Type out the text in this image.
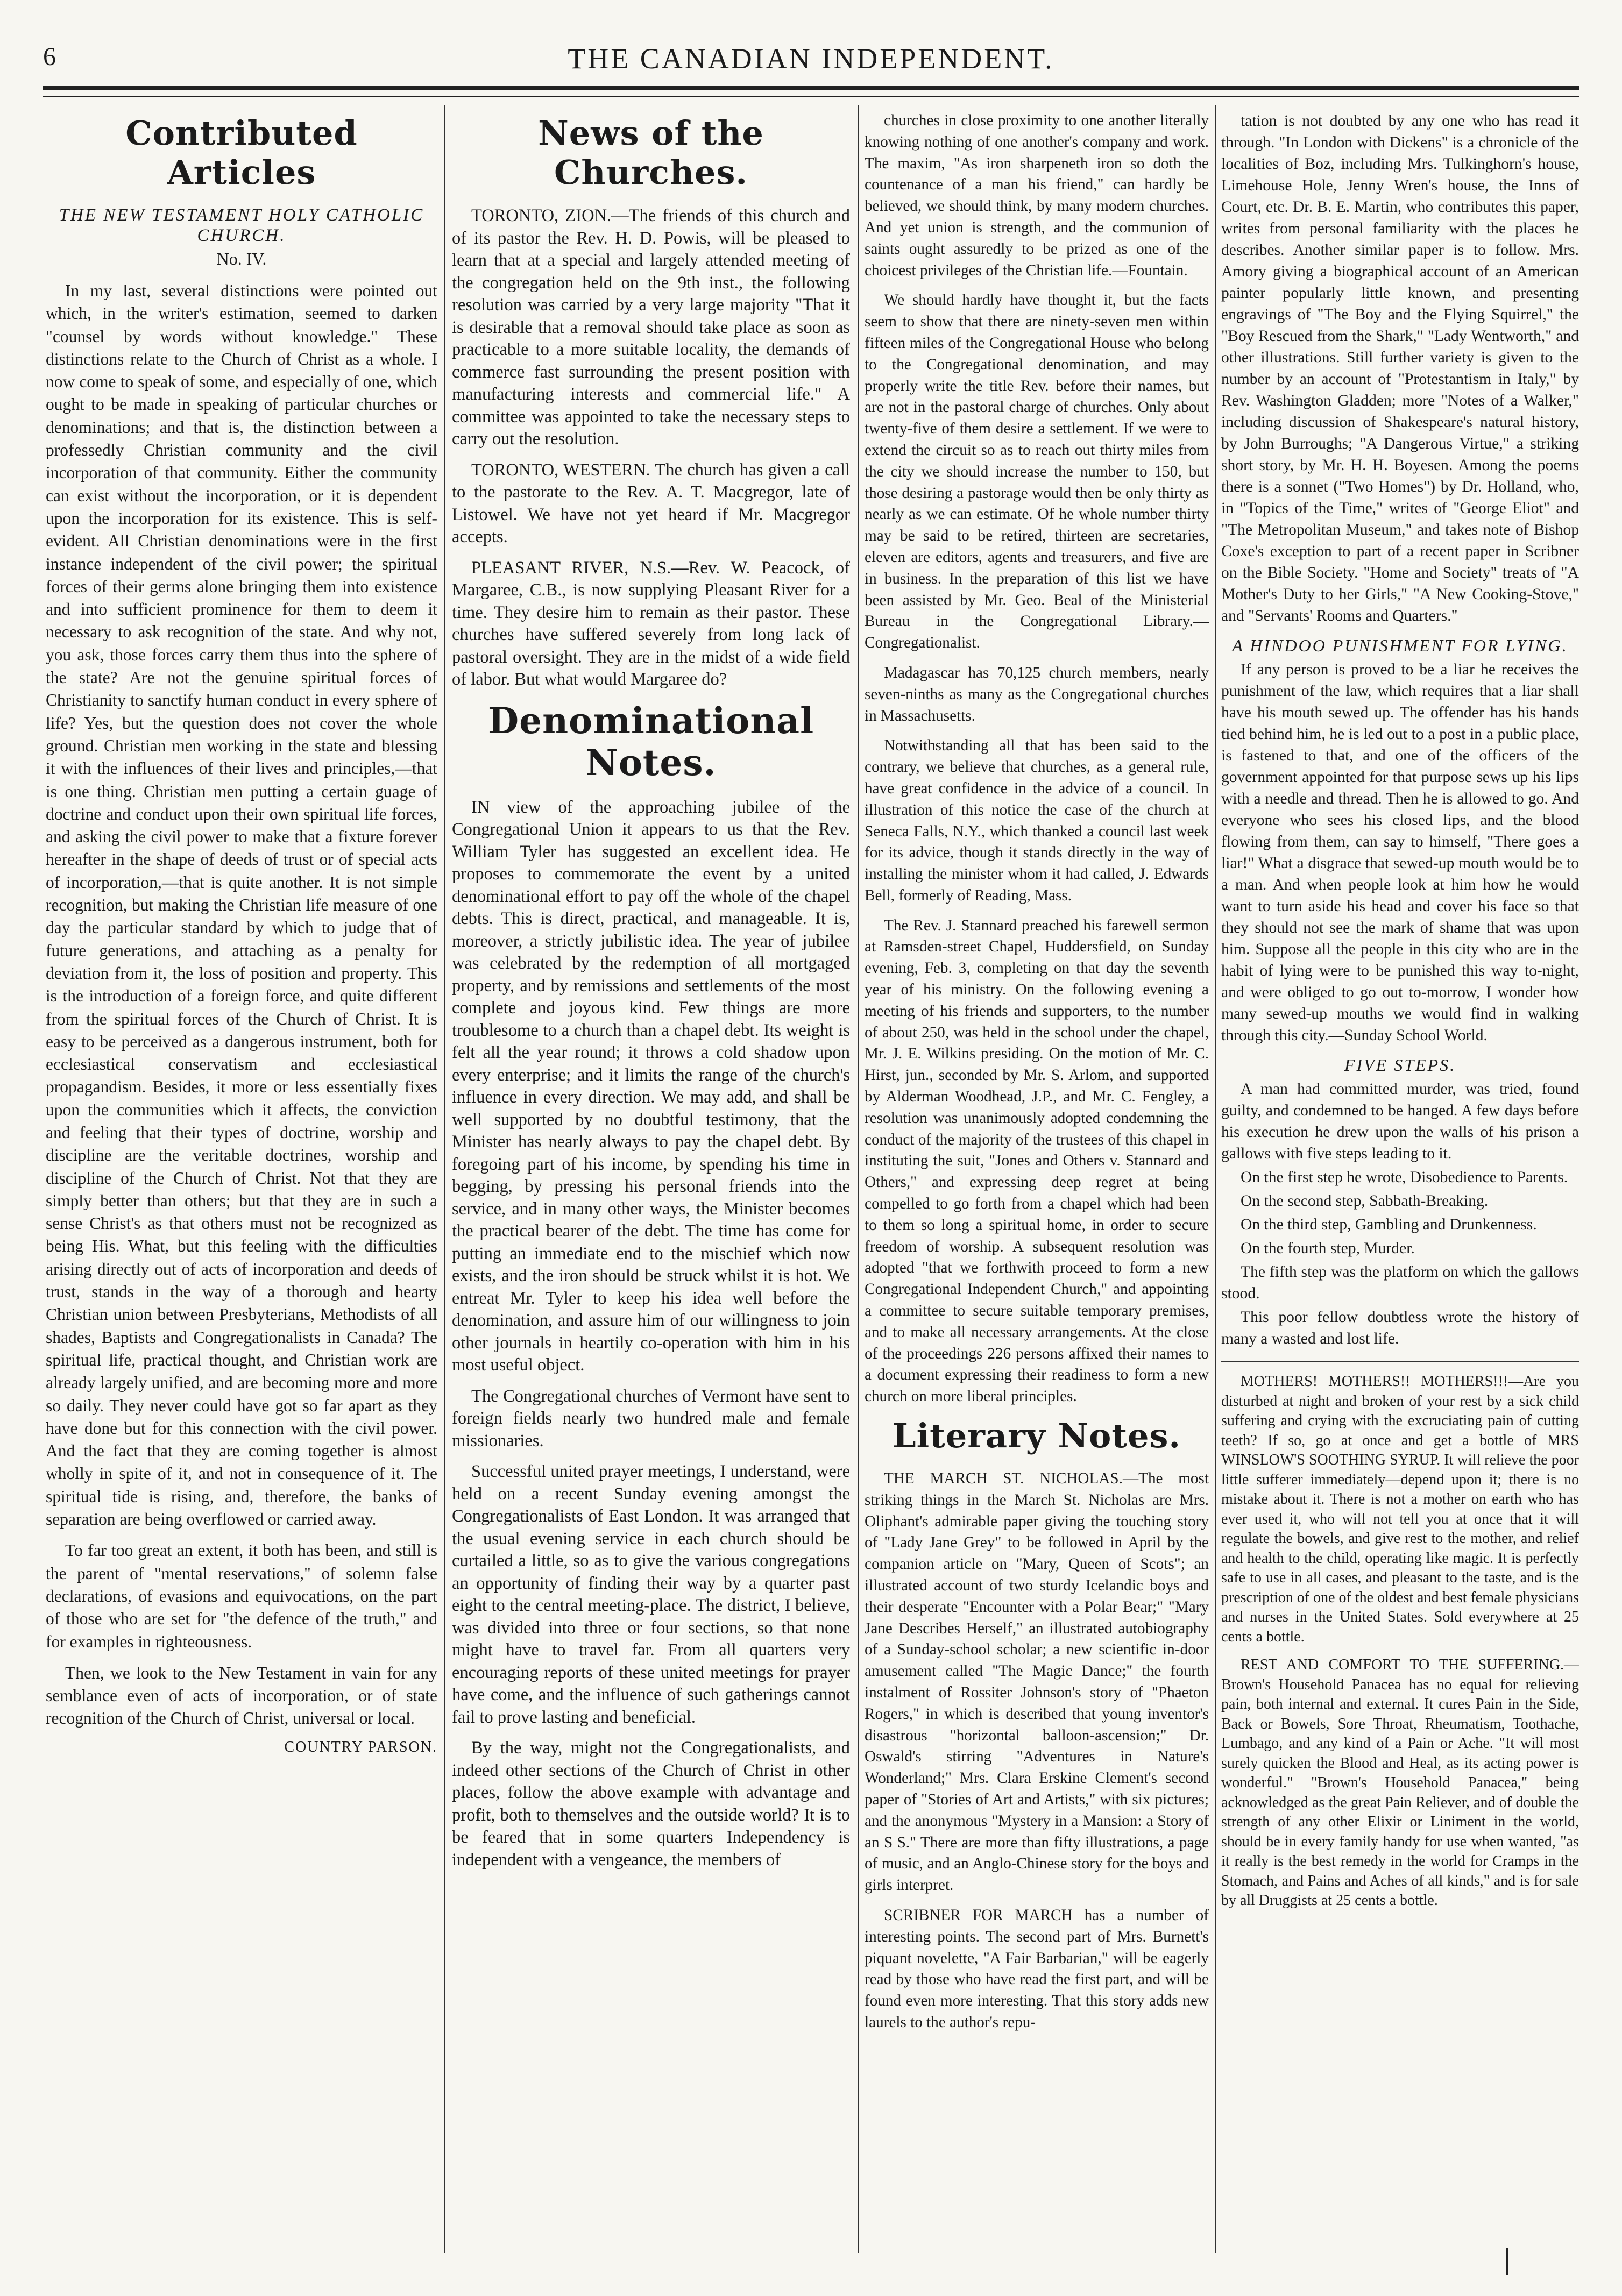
6	THE CANADIAN INDEPENDENT.
Contributed Articles
THE NEW TESTAMENT HOLY CATHOLIC CHURCH.
No. IV.

In my last, several distinctions were pointed out which, in the writer's estimation, seemed to darken "counsel by words without knowledge." These distinctions relate to the Church of Christ as a whole. I now come to speak of some, and especially of one, which ought to be made in speaking of particular churches or denominations; and that is, the distinction between a professedly Christian community and the civil incorporation of that community. Either the community can exist without the incorporation, or it is dependent upon the incorporation for its existence. This is self-evident. All Christian denominations were in the first instance independent of the civil power; the spiritual forces of their germs alone bringing them into existence and into sufficient prominence for them to deem it necessary to ask recognition of the state. And why not, you ask, those forces carry them thus into the sphere of the state? Are not the genuine spiritual forces of Christianity to sanctify human conduct in every sphere of life? Yes, but the question does not cover the whole ground. Christian men working in the state and blessing it with the influences of their lives and principles,—that is one thing. Christian men putting a certain guage of doctrine and conduct upon their own spiritual life forces, and asking the civil power to make that a fixture forever hereafter in the shape of deeds of trust or of special acts of incorporation,—that is quite another. It is not simple recognition, but making the Christian life measure of one day the particular standard by which to judge that of future generations, and attaching as a penalty for deviation from it, the loss of position and property. This is the introduction of a foreign force, and quite different from the spiritual forces of the Church of Christ. It is easy to be perceived as a dangerous instrument, both for ecclesiastical conservatism and ecclesiastical propagandism. Besides, it more or less essentially fixes upon the communities which it affects, the conviction and feeling that their types of doctrine, worship and discipline are the veritable doctrines, worship and discipline of the Church of Christ. Not that they are simply better than others; but that they are in such a sense Christ's as that others must not be recognized as being His. What, but this feeling with the difficulties arising directly out of acts of incorporation and deeds of trust, stands in the way of a thorough and hearty Christian union between Presbyterians, Methodists of all shades, Baptists and Congregationalists in Canada? The spiritual life, practical thought, and Christian work are already largely unified, and are becoming more and more so daily. They never could have got so far apart as they have done but for this connection with the civil power. And the fact that they are coming together is almost wholly in spite of it, and not in consequence of it. The spiritual tide is rising, and, therefore, the banks of separation are being overflowed or carried away.

To far too great an extent, it both has been, and still is the parent of "mental reservations," of solemn false declarations, of evasions and equivocations, on the part of those who are set for "the defence of the truth," and for examples in righteousness.

Then, we look to the New Testament in vain for any semblance even of acts of incorporation, or of state recognition of the Church of Christ, universal or local.

COUNTRY PARSON.
News of the Churches.

TORONTO, ZION.—The friends of this church and of its pastor the Rev. H. D. Powis, will be pleased to learn that at a special and largely attended meeting of the congregation held on the 9th inst., the following resolution was carried by a very large majority "That it is desirable that a removal should take place as soon as practicable to a more suitable locality, the demands of commerce fast surrounding the present position with manufacturing interests and commercial life." A committee was appointed to take the necessary steps to carry out the resolution.

TORONTO, WESTERN. The church has given a call to the pastorate to the Rev. A. T. Macgregor, late of Listowel. We have not yet heard if Mr. Macgregor accepts.

PLEASANT RIVER, N.S.—Rev. W. Peacock, of Margaree, C.B., is now supplying Pleasant River for a time. They desire him to remain as their pastor. These churches have suffered severely from long lack of pastoral oversight. They are in the midst of a wide field of labor. But what would Margaree do?

Denominational Notes.

IN view of the approaching jubilee of the Congregational Union it appears to us that the Rev. William Tyler has suggested an excellent idea. He proposes to commemorate the event by a united denominational effort to pay off the whole of the chapel debts. This is direct, practical, and manageable. It is, moreover, a strictly jubilistic idea. The year of jubilee was celebrated by the redemption of all mortgaged property, and by remissions and settlements of the most complete and joyous kind. Few things are more troublesome to a church than a chapel debt. Its weight is felt all the year round; it throws a cold shadow upon every enterprise; and it limits the range of the church's influence in every direction. We may add, and shall be well supported by no doubtful testimony, that the Minister has nearly always to pay the chapel debt. By foregoing part of his income, by spending his time in begging, by pressing his personal friends into the service, and in many other ways, the Minister becomes the practical bearer of the debt. The time has come for putting an immediate end to the mischief which now exists, and the iron should be struck whilst it is hot. We entreat Mr. Tyler to keep his idea well before the denomination, and assure him of our willingness to join other journals in heartily co-operation with him in his most useful object.

The Congregational churches of Vermont have sent to foreign fields nearly two hundred male and female missionaries.

Successful united prayer meetings, I understand, were held on a recent Sunday evening amongst the Congregationalists of East London. It was arranged that the usual evening service in each church should be curtailed a little, so as to give the various congregations an opportunity of finding their way by a quarter past eight to the central meeting-place. The district, I believe, was divided into three or four sections, so that none might have to travel far. From all quarters very encouraging reports of these united meetings for prayer have come, and the influence of such gatherings cannot fail to prove lasting and beneficial.

By the way, might not the Congregationalists, and indeed other sections of the Church of Christ in other places, follow the above example with advantage and profit, both to themselves and the outside world? It is to be feared that in some quarters Independency is independent with a vengeance, the members of

churches in close proximity to one another literally knowing nothing of one another's company and work. The maxim, "As iron sharpeneth iron so doth the countenance of a man his friend," can hardly be believed, we should think, by many modern churches. And yet union is strength, and the communion of saints ought assuredly to be prized as one of the choicest privileges of the Christian life.—Fountain.

We should hardly have thought it, but the facts seem to show that there are ninety-seven men within fifteen miles of the Congregational House who belong to the Congregational denomination, and may properly write the title Rev. before their names, but are not in the pastoral charge of churches. Only about twenty-five of them desire a settlement. If we were to extend the circuit so as to reach out thirty miles from the city we should increase the number to 150, but those desiring a pastorage would then be only thirty as nearly as we can estimate. Of he whole number thirty may be said to be retired, thirteen are secretaries, eleven are editors, agents and treasurers, and five are in business. In the preparation of this list we have been assisted by Mr. Geo. Beal of the Ministerial Bureau in the Congregational Library.—Congregationalist.

Madagascar has 70,125 church members, nearly seven-ninths as many as the Congregational churches in Massachusetts.

Notwithstanding all that has been said to the contrary, we believe that churches, as a general rule, have great confidence in the advice of a council. In illustration of this notice the case of the church at Seneca Falls, N.Y., which thanked a council last week for its advice, though it stands directly in the way of installing the minister whom it had called, J. Edwards Bell, formerly of Reading, Mass.

The Rev. J. Stannard preached his farewell sermon at Ramsden-street Chapel, Huddersfield, on Sunday evening, Feb. 3, completing on that day the seventh year of his ministry. On the following evening a meeting of his friends and supporters, to the number of about 250, was held in the school under the chapel, Mr. J. E. Wilkins presiding. On the motion of Mr. C. Hirst, jun., seconded by Mr. S. Arlom, and supported by Alderman Woodhead, J.P., and Mr. C. Fengley, a resolution was unanimously adopted condemning the conduct of the majority of the trustees of this chapel in instituting the suit, "Jones and Others v. Stannard and Others," and expressing deep regret at being compelled to go forth from a chapel which had been to them so long a spiritual home, in order to secure freedom of worship. A subsequent resolution was adopted "that we forthwith proceed to form a new Congregational Independent Church," and appointing a committee to secure suitable temporary premises, and to make all necessary arrangements. At the close of the proceedings 226 persons affixed their names to a document expressing their readiness to form a new church on more liberal principles.

Literary Notes.

THE MARCH ST. NICHOLAS.—The most striking things in the March St. Nicholas are Mrs. Oliphant's admirable paper giving the touching story of "Lady Jane Grey" to be followed in April by the companion article on "Mary, Queen of Scots"; an illustrated account of two sturdy Icelandic boys and their desperate "Encounter with a Polar Bear;" "Mary Jane Describes Herself," an illustrated autobiography of a Sunday-school scholar; a new scientific in-door amusement called "The Magic Dance;" the fourth instalment of Rossiter Johnson's story of "Phaeton Rogers," in which is described that young inventor's disastrous "horizontal balloon-ascension;" Dr. Oswald's stirring "Adventures in Nature's Wonderland;" Mrs. Clara Erskine Clement's second paper of "Stories of Art and Artists," with six pictures; and the anonymous "Mystery in a Mansion: a Story of an S S." There are more than fifty illustrations, a page of music, and an Anglo-Chinese story for the boys and girls interpret.

SCRIBNER FOR MARCH has a number of interesting points. The second part of Mrs. Burnett's piquant novelette, "A Fair Barbarian," will be eagerly read by those who have read the first part, and will be found even more interesting. That this story adds new laurels to the author's repu-

tation is not doubted by any one who has read it through. "In London with Dickens" is a chronicle of the localities of Boz, including Mrs. Tulkinghorn's house, Limehouse Hole, Jenny Wren's house, the Inns of Court, etc. Dr. B. E. Martin, who contributes this paper, writes from personal familiarity with the places he describes. Another similar paper is to follow. Mrs. Amory giving a biographical account of an American painter popularly little known, and presenting engravings of "The Boy and the Flying Squirrel," the "Boy Rescued from the Shark," "Lady Wentworth," and other illustrations. Still further variety is given to the number by an account of "Protestantism in Italy," by Rev. Washington Gladden; more "Notes of a Walker," including discussion of Shakespeare's natural history, by John Burroughs; "A Dangerous Virtue," a striking short story, by Mr. H. H. Boyesen. Among the poems there is a sonnet ("Two Homes") by Dr. Holland, who, in "Topics of the Time," writes of "George Eliot" and "The Metropolitan Museum," and takes note of Bishop Coxe's exception to part of a recent paper in Scribner on the Bible Society. "Home and Society" treats of "A Mother's Duty to her Girls," "A New Cooking-Stove," and "Servants' Rooms and Quarters."

A HINDOO PUNISHMENT FOR LYING.

If any person is proved to be a liar he receives the punishment of the law, which requires that a liar shall have his mouth sewed up. The offender has his hands tied behind him, he is led out to a post in a public place, is fastened to that, and one of the officers of the government appointed for that purpose sews up his lips with a needle and thread. Then he is allowed to go. And everyone who sees his closed lips, and the blood flowing from them, can say to himself, "There goes a liar!" What a disgrace that sewed-up mouth would be to a man. And when people look at him how he would want to turn aside his head and cover his face so that they should not see the mark of shame that was upon him. Suppose all the people in this city who are in the habit of lying were to be punished this way to-night, and were obliged to go out to-morrow, I wonder how many sewed-up mouths we would find in walking through this city.—Sunday School World.

FIVE STEPS.

A man had committed murder, was tried, found guilty, and condemned to be hanged. A few days before his execution he drew upon the walls of his prison a gallows with five steps leading to it.

On the first step he wrote, Disobedience to Parents.

On the second step, Sabbath-Breaking.

On the third step, Gambling and Drunkenness.

On the fourth step, Murder.

The fifth step was the platform on which the gallows stood.

This poor fellow doubtless wrote the history of many a wasted and lost life.

MOTHERS! MOTHERS!! MOTHERS!!!—Are you disturbed at night and broken of your rest by a sick child suffering and crying with the excruciating pain of cutting teeth? If so, go at once and get a bottle of MRS WINSLOW'S SOOTHING SYRUP. It will relieve the poor little sufferer immediately—depend upon it; there is no mistake about it. There is not a mother on earth who has ever used it, who will not tell you at once that it will regulate the bowels, and give rest to the mother, and relief and health to the child, operating like magic. It is perfectly safe to use in all cases, and pleasant to the taste, and is the prescription of one of the oldest and best female physicians and nurses in the United States. Sold everywhere at 25 cents a bottle.

REST AND COMFORT TO THE SUFFERING.—Brown's Household Panacea has no equal for relieving pain, both internal and external. It cures Pain in the Side, Back or Bowels, Sore Throat, Rheumatism, Toothache, Lumbago, and any kind of a Pain or Ache. "It will most surely quicken the Blood and Heal, as its acting power is wonderful." "Brown's Household Panacea," being acknowledged as the great Pain Reliever, and of double the strength of any other Elixir or Liniment in the world, should be in every family handy for use when wanted, "as it really is the best remedy in the world for Cramps in the Stomach, and Pains and Aches of all kinds," and is for sale by all Druggists at 25 cents a bottle.
